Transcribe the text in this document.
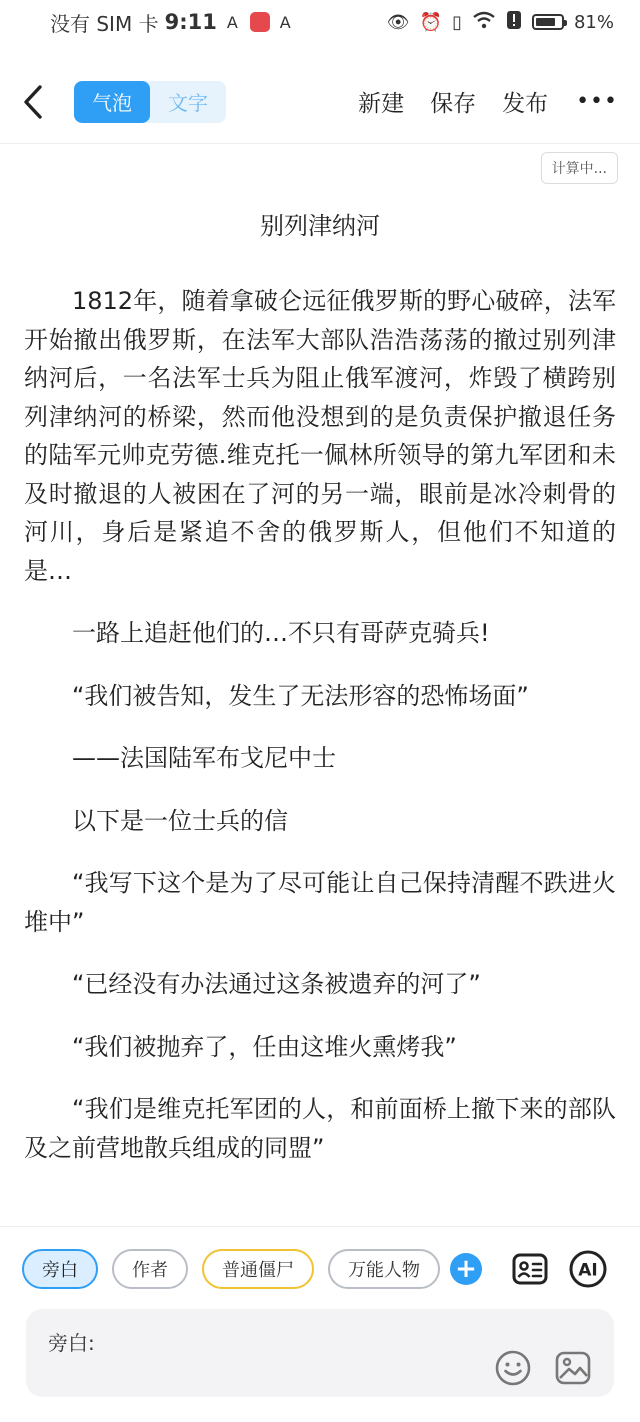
没有 SIM 卡 9:11 A	A	👁 ⏰ ▯	81%
气泡	文字	新建 保存 发布 •••
计算中...
别列津纳河

1812年，随着拿破仑远征俄罗斯的野心破碎，法军开始撤出俄罗斯，在法军大部队浩浩荡荡的撤过别列津纳河后，一名法军士兵为阻止俄军渡河，炸毁了横跨别列津纳河的桥梁，然而他没想到的是负责保护撤退任务的陆军元帅克劳德.维克托一佩林所领导的第九军团和未及时撤退的人被困在了河的另一端，眼前是冰冷刺骨的河川，身后是紧追不舍的俄罗斯人，但他们不知道的是…

一路上追赶他们的…不只有哥萨克骑兵!

“我们被告知，发生了无法形容的恐怖场面”

——法国陆军布戈尼中士

以下是一位士兵的信

“我写下这个是为了尽可能让自己保持清醒不跌进火堆中”

“已经没有办法通过这条被遗弃的河了”

“我们被抛弃了，任由这堆火熏烤我”

“我们是维克托军团的人，和前面桥上撤下来的部队及之前营地散兵组成的同盟”

旁白	作者	普通僵尸	万能人物	+	AI
旁白:
